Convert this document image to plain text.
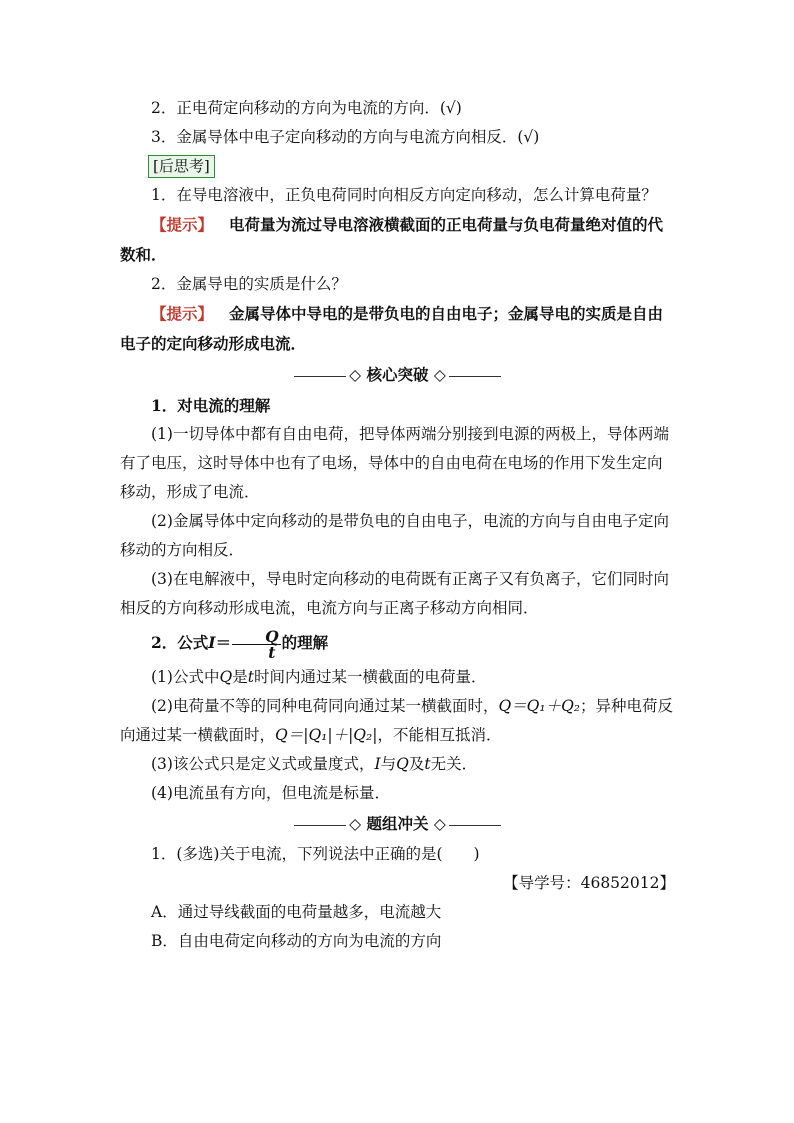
2．正电荷定向移动的方向为电流的方向．(√)

3．金属导体中电子定向移动的方向与电流方向相反．(√)

[后思考]

1．在导电溶液中，正负电荷同时向相反方向定向移动，怎么计算电荷量？

【提示】 电荷量为流过导电溶液横截面的正电荷量与负电荷量绝对值的代数和．

2．金属导电的实质是什么？

【提示】 金属导体中导电的是带负电的自由电子；金属导电的实质是自由电子的定向移动形成电流．

◇ 核心突破 ◇

1．对电流的理解

(1)一切导体中都有自由电荷，把导体两端分别接到电源的两极上，导体两端有了电压，这时导体中也有了电场，导体中的自由电荷在电场的作用下发生定向移动，形成了电流．

(2)金属导体中定向移动的是带负电的自由电子，电流的方向与自由电子定向移动的方向相反．

(3)在电解液中，导电时定向移动的电荷既有正离子又有负离子，它们同时向相反的方向移动形成电流，电流方向与正离子移动方向相同．

2．公式$I= \frac{Q}{t}$ 的理解

(1)公式中Q是t时间内通过某一横截面的电荷量．

(2)电荷量不等的同种电荷同向通过某一横截面时，Q＝Q₁＋Q₂；异种电荷反向通过某一横截面时，Q＝|Q₁|＋|Q₂|，不能相互抵消．

(3)该公式只是定义式或量度式，I与Q及t无关．

(4)电流虽有方向，但电流是标量．

◇ 题组冲关 ◇

1．(多选)关于电流，下列说法中正确的是(　　)

【导学号：46852012】

A．通过导线截面的电荷量越多，电流越大

B．自由电荷定向移动的方向为电流的方向
